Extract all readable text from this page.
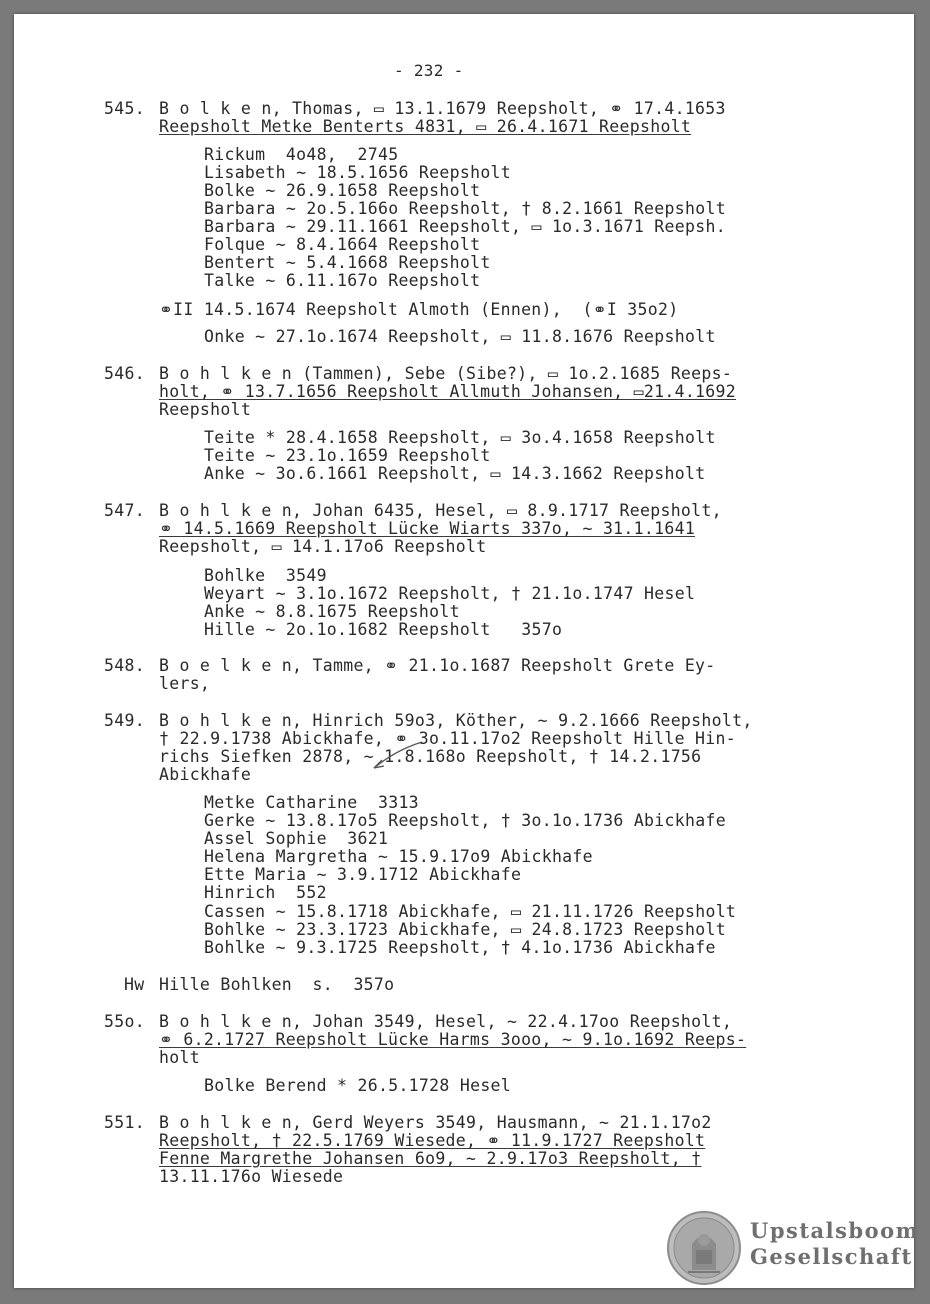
- 232 -
545. B o l k e n, Thomas, ▭ 13.1.1679 Reepsholt, ⚭ 17.4.1653
Reepsholt Metke Benterts 4831, ▭ 26.4.1671 Reepsholt
Rickum  4o48,  2745
Lisabeth ~ 18.5.1656 Reepsholt
Bolke ~ 26.9.1658 Reepsholt
Barbara ~ 2o.5.166o Reepsholt, † 8.2.1661 Reepsholt
Barbara ~ 29.11.1661 Reepsholt, ▭ 1o.3.1671 Reepsh.
Folque ~ 8.4.1664 Reepsholt
Bentert ~ 5.4.1668 Reepsholt
Talke ~ 6.11.167o Reepsholt
⚭II 14.5.1674 Reepsholt Almoth (Ennen),  (⚭I 35o2)
Onke ~ 27.1o.1674 Reepsholt, ▭ 11.8.1676 Reepsholt
546. B o h l k e n (Tammen), Sebe (Sibe?), ▭ 1o.2.1685 Reeps-
holt, ⚭ 13.7.1656 Reepsholt Allmuth Johansen, ▭21.4.1692
Reepsholt
Teite * 28.4.1658 Reepsholt, ▭ 3o.4.1658 Reepsholt
Teite ~ 23.1o.1659 Reepsholt
Anke ~ 3o.6.1661 Reepsholt, ▭ 14.3.1662 Reepsholt
547. B o h l k e n, Johan 6435, Hesel, ▭ 8.9.1717 Reepsholt,
⚭ 14.5.1669 Reepsholt Lücke Wiarts 337o, ~ 31.1.1641
Reepsholt, ▭ 14.1.17o6 Reepsholt
Bohlke  3549
Weyart ~ 3.1o.1672 Reepsholt, † 21.1o.1747 Hesel
Anke ~ 8.8.1675 Reepsholt
Hille ~ 2o.1o.1682 Reepsholt   357o
548. B o e l k e n, Tamme, ⚭ 21.1o.1687 Reepsholt Grete Ey-
lers,
549. B o h l k e n, Hinrich 59o3, Köther, ~ 9.2.1666 Reepsholt,
† 22.9.1738 Abickhafe, ⚭ 3o.11.17o2 Reepsholt Hille Hin-
richs Siefken 2878, ~ 1.8.168o Reepsholt, † 14.2.1756
Abickhafe
Metke Catharine  3313
Gerke ~ 13.8.17o5 Reepsholt, † 3o.1o.1736 Abickhafe
Assel Sophie  3621
Helena Margretha ~ 15.9.17o9 Abickhafe
Ette Maria ~ 3.9.1712 Abickhafe
Hinrich  552
Cassen ~ 15.8.1718 Abickhafe, ▭ 21.11.1726 Reepsholt
Bohlke ~ 23.3.1723 Abickhafe, ▭ 24.8.1723 Reepsholt
Bohlke ~ 9.3.1725 Reepsholt, † 4.1o.1736 Abickhafe
Hw Hille Bohlken  s.  357o
55o. B o h l k e n, Johan 3549, Hesel, ~ 22.4.17oo Reepsholt,
⚭ 6.2.1727 Reepsholt Lücke Harms 3ooo, ~ 9.1o.1692 Reeps-
holt
Bolke Berend * 26.5.1728 Hesel
551. B o h l k e n, Gerd Weyers 3549, Hausmann, ~ 21.1.17o2
Reepsholt, † 22.5.1769 Wiesede, ⚭ 11.9.1727 Reepsholt
Fenne Margrethe Johansen 6o9, ~ 2.9.17o3 Reepsholt, †
13.11.176o Wiesede
Upstalsboom
Gesellschaft
